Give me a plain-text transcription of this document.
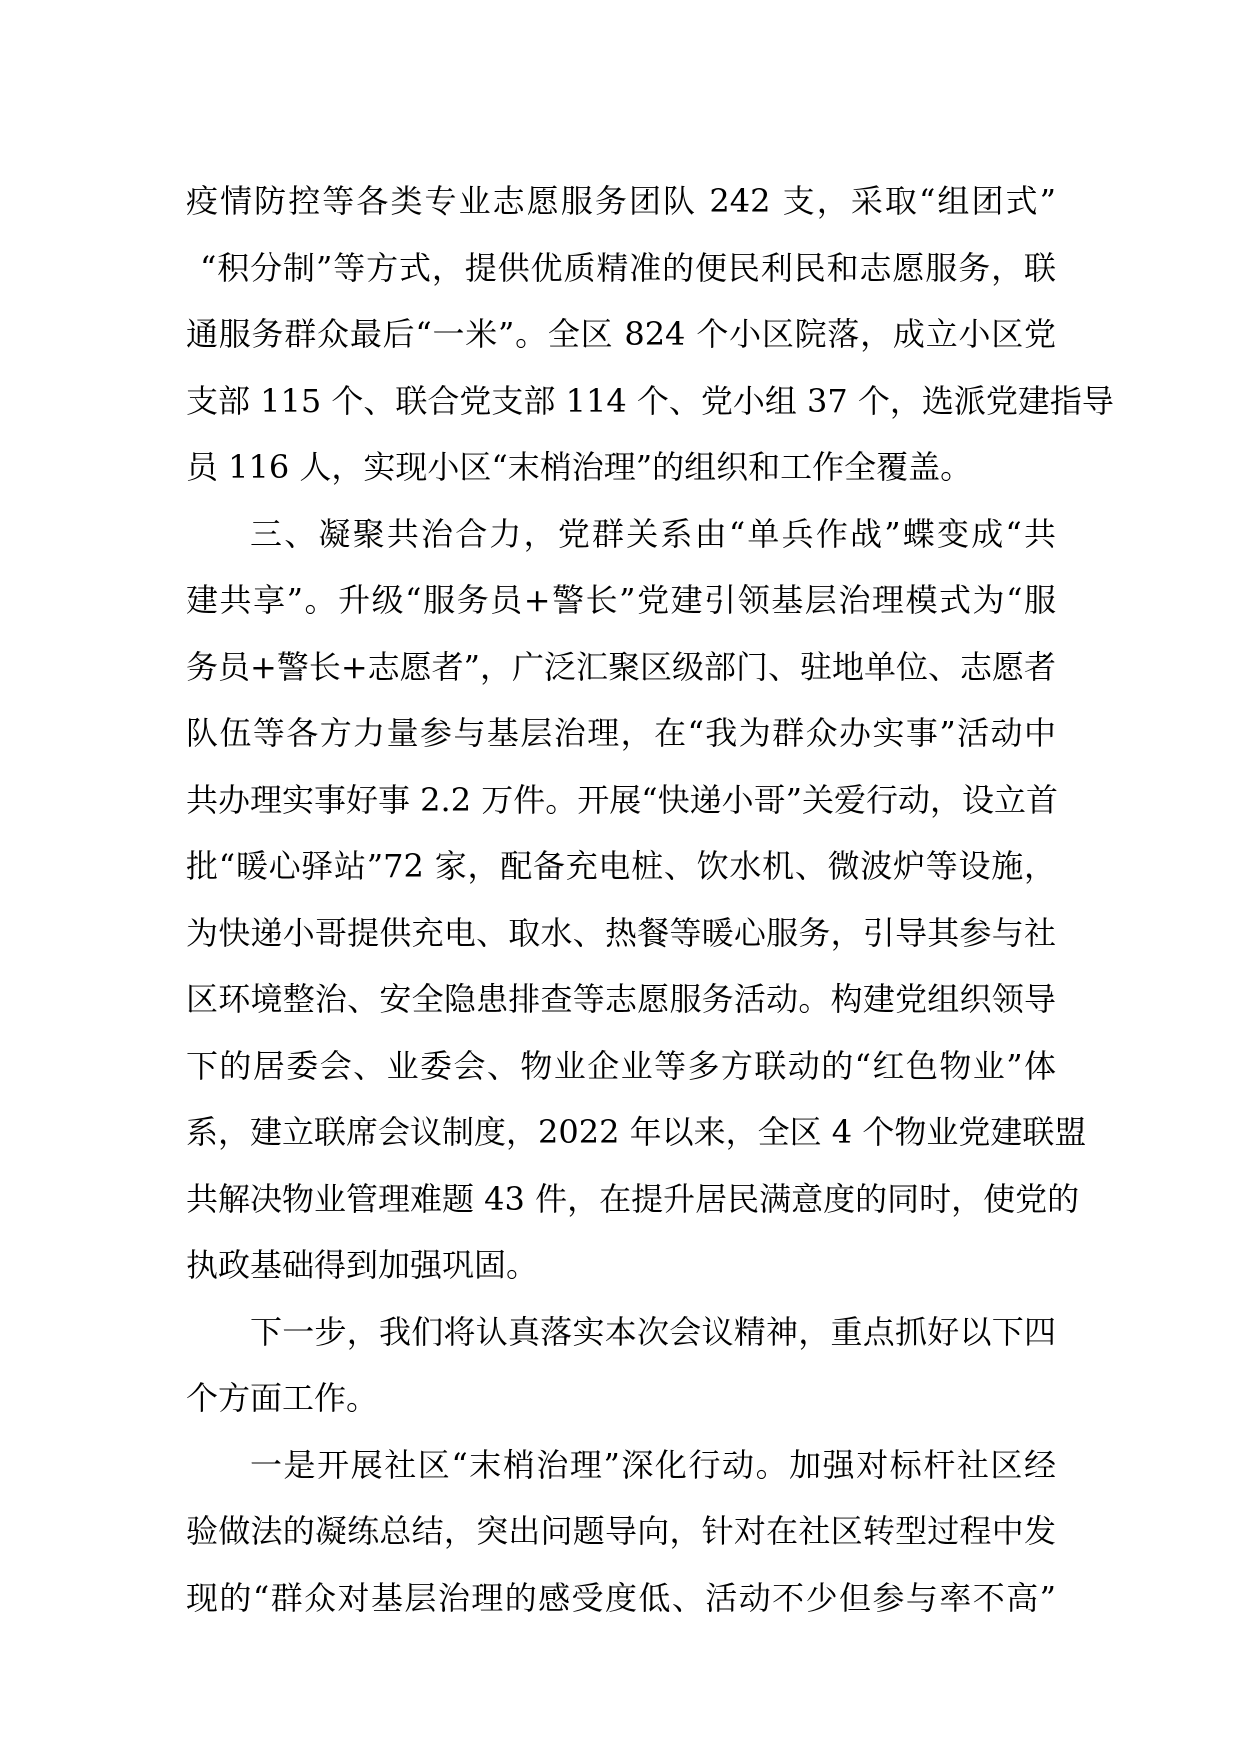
疫情防控等各类专业志愿服务团队 242 支，采取“组团式”
“积分制”等方式，提供优质精准的便民利民和志愿服务，联
通服务群众最后“一米”。全区 824 个小区院落，成立小区党
支部 115 个、联合党支部 114 个、党小组 37 个，选派党建指导
员 116 人，实现小区“末梢治理”的组织和工作全覆盖。
三、凝聚共治合力，党群关系由“单兵作战”蝶变成“共
建共享”。升级“服务员+警长”党建引领基层治理模式为“服
务员+警长+志愿者”，广泛汇聚区级部门、驻地单位、志愿者
队伍等各方力量参与基层治理，在“我为群众办实事”活动中
共办理实事好事 2.2 万件。开展“快递小哥”关爱行动，设立首
批“暖心驿站”72 家，配备充电桩、饮水机、微波炉等设施，
为快递小哥提供充电、取水、热餐等暖心服务，引导其参与社
区环境整治、安全隐患排查等志愿服务活动。构建党组织领导
下的居委会、业委会、物业企业等多方联动的“红色物业”体
系，建立联席会议制度，2022 年以来，全区 4 个物业党建联盟
共解决物业管理难题 43 件，在提升居民满意度的同时，使党的
执政基础得到加强巩固。
下一步，我们将认真落实本次会议精神，重点抓好以下四
个方面工作。
一是开展社区“末梢治理”深化行动。加强对标杆社区经
验做法的凝练总结，突出问题导向，针对在社区转型过程中发
现的“群众对基层治理的感受度低、活动不少但参与率不高”
